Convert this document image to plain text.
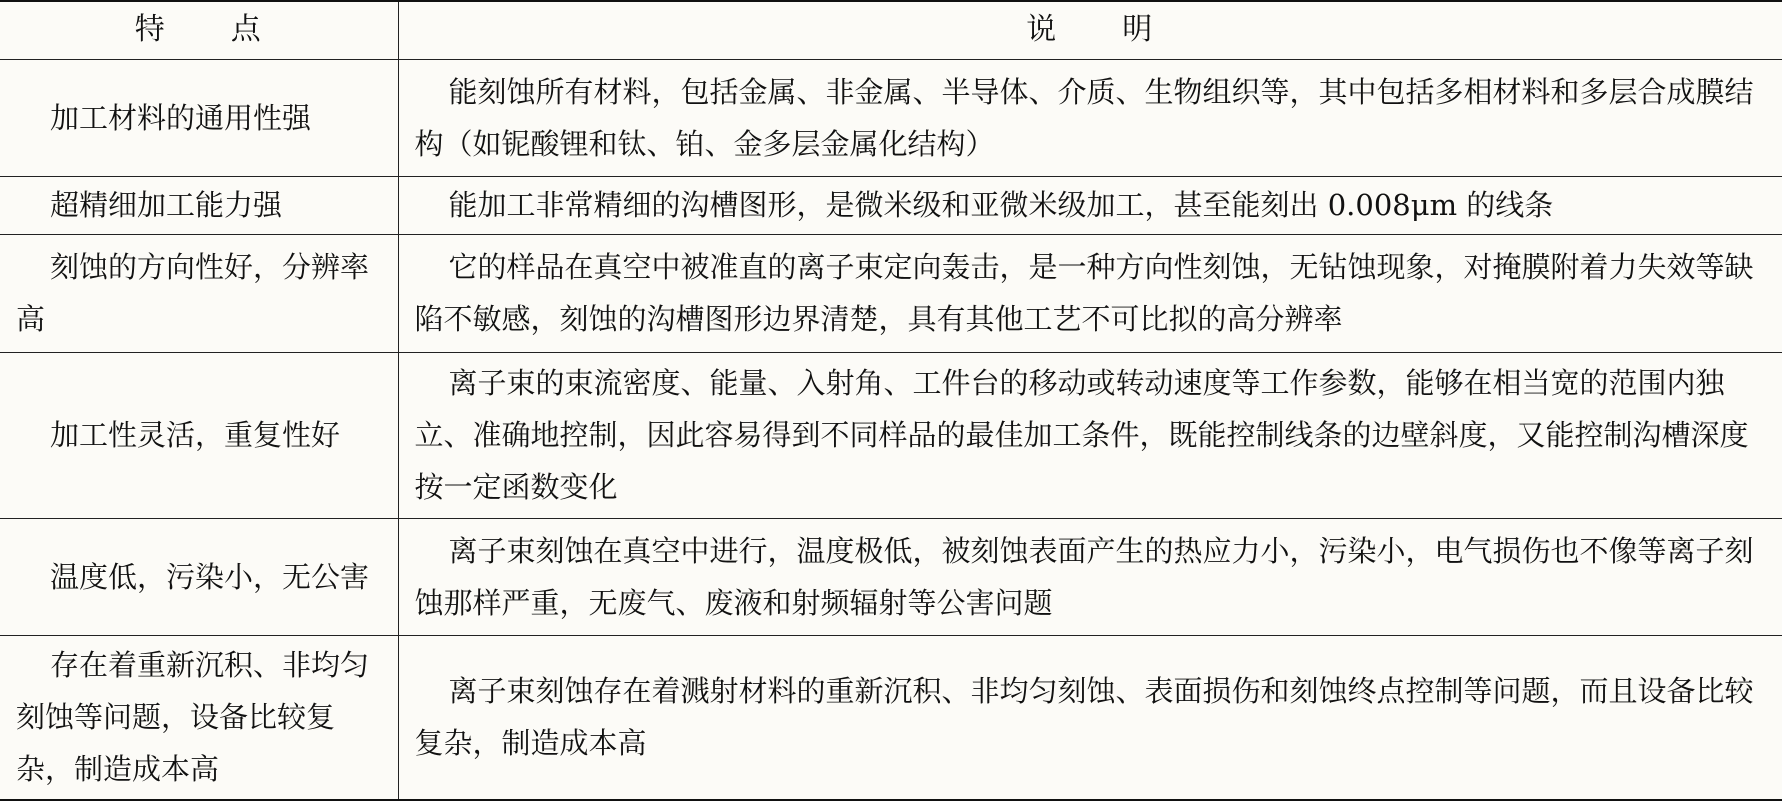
特　　点	说　　明
加工材料的通用性强	能刻蚀所有材料，包括金属、非金属、半导体、介质、生物组织等，其中包括多相材料和多层合成膜结构（如铌酸锂和钛、铂、金多层金属化结构）
超精细加工能力强	能加工非常精细的沟槽图形，是微米级和亚微米级加工，甚至能刻出 0.008μm 的线条
刻蚀的方向性好，分辨率高	它的样品在真空中被准直的离子束定向轰击，是一种方向性刻蚀，无钻蚀现象，对掩膜附着力失效等缺陷不敏感，刻蚀的沟槽图形边界清楚，具有其他工艺不可比拟的高分辨率
加工性灵活，重复性好	离子束的束流密度、能量、入射角、工件台的移动或转动速度等工作参数，能够在相当宽的范围内独立、准确地控制，因此容易得到不同样品的最佳加工条件，既能控制线条的边壁斜度，又能控制沟槽深度按一定函数变化
温度低，污染小，无公害	离子束刻蚀在真空中进行，温度极低，被刻蚀表面产生的热应力小，污染小，电气损伤也不像等离子刻蚀那样严重，无废气、废液和射频辐射等公害问题
存在着重新沉积、非均匀刻蚀等问题，设备比较复杂，制造成本高	离子束刻蚀存在着溅射材料的重新沉积、非均匀刻蚀、表面损伤和刻蚀终点控制等问题，而且设备比较复杂，制造成本高
